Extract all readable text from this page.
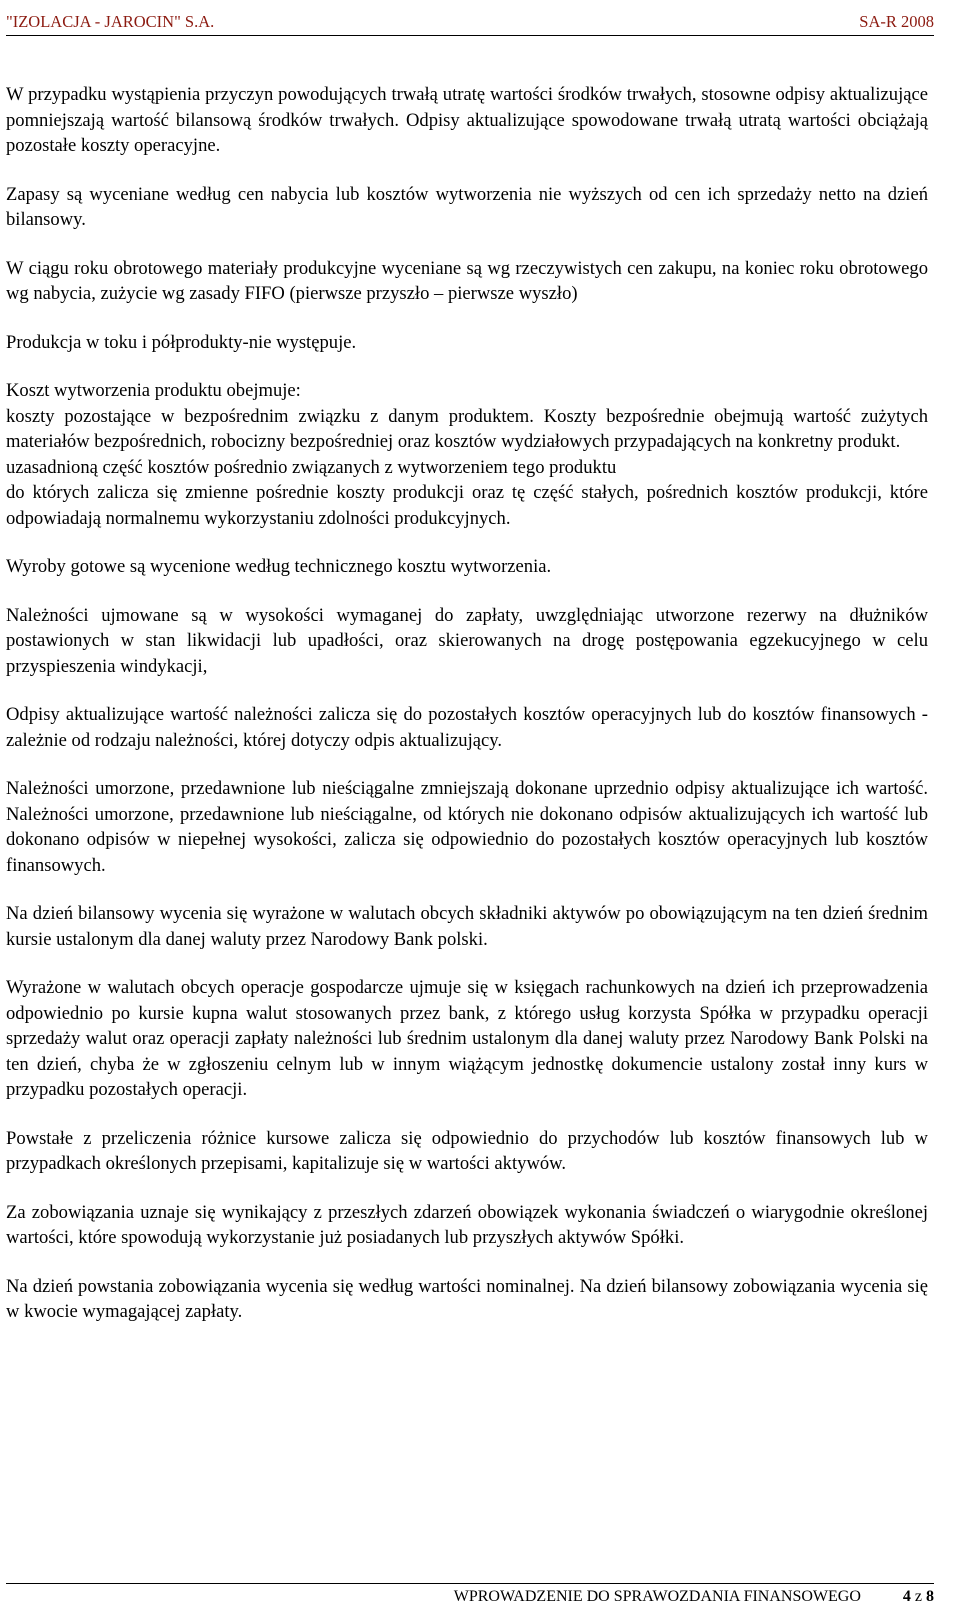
"IZOLACJA - JAROCIN" S.A.	SA-R 2008

W przypadku wystąpienia przyczyn powodujących trwałą utratę wartości środków trwałych, stosowne odpisy aktualizujące pomniejszają wartość bilansową środków trwałych. Odpisy aktualizujące spowodowane trwałą utratą wartości obciążają pozostałe koszty operacyjne.

Zapasy są wyceniane według cen nabycia lub kosztów wytworzenia nie wyższych od cen ich sprzedaży netto na dzień bilansowy.

W ciągu roku obrotowego materiały produkcyjne wyceniane są wg rzeczywistych cen zakupu, na koniec roku obrotowego wg nabycia, zużycie wg zasady FIFO (pierwsze przyszło – pierwsze wyszło)

Produkcja w toku i półprodukty-nie występuje.

Koszt wytworzenia produktu obejmuje:

koszty pozostające w bezpośrednim związku z danym produktem. Koszty bezpośrednie obejmują wartość zużytych materiałów bezpośrednich, robocizny bezpośredniej oraz kosztów wydziałowych przypadających na konkretny produkt.

uzasadnioną część kosztów pośrednio związanych z wytworzeniem tego produktu

do których zalicza się zmienne pośrednie koszty produkcji oraz tę część stałych, pośrednich kosztów produkcji, które odpowiadają normalnemu wykorzystaniu zdolności produkcyjnych.

Wyroby gotowe są wycenione według technicznego kosztu wytworzenia.

Należności ujmowane są w wysokości wymaganej do zapłaty, uwzględniając utworzone rezerwy na dłużników postawionych w stan likwidacji lub upadłości, oraz skierowanych na drogę postępowania egzekucyjnego w celu przyspieszenia windykacji,

Odpisy aktualizujące wartość należności zalicza się do pozostałych kosztów operacyjnych lub do kosztów finansowych - zależnie od rodzaju należności, której dotyczy odpis aktualizujący.

Należności umorzone, przedawnione lub nieściągalne zmniejszają dokonane uprzednio odpisy aktualizujące ich wartość. Należności umorzone, przedawnione lub nieściągalne, od których nie dokonano odpisów aktualizujących ich wartość lub dokonano odpisów w niepełnej wysokości, zalicza się odpowiednio do pozostałych kosztów operacyjnych lub kosztów finansowych.

Na dzień bilansowy wycenia się wyrażone w walutach obcych składniki aktywów po obowiązującym na ten dzień średnim kursie ustalonym dla danej waluty przez Narodowy Bank polski.

Wyrażone w walutach obcych operacje gospodarcze ujmuje się w księgach rachunkowych na dzień ich przeprowadzenia odpowiednio po kursie kupna walut stosowanych przez bank, z którego usług korzysta Spółka w przypadku operacji sprzedaży walut oraz operacji zapłaty należności lub średnim ustalonym dla danej waluty przez Narodowy Bank Polski na ten dzień, chyba że w zgłoszeniu celnym lub w innym wiążącym jednostkę dokumencie ustalony został inny kurs w przypadku pozostałych operacji.

Powstałe z przeliczenia różnice kursowe zalicza się odpowiednio do przychodów lub kosztów finansowych lub w przypadkach określonych przepisami, kapitalizuje się w wartości aktywów.

Za zobowiązania uznaje się wynikający z przeszłych zdarzeń obowiązek wykonania świadczeń o wiarygodnie określonej wartości, które spowodują wykorzystanie już posiadanych lub przyszłych aktywów Spółki.

Na dzień powstania zobowiązania wycenia się według wartości nominalnej. Na dzień bilansowy zobowiązania wycenia się w kwocie wymagającej zapłaty.

WPROWADZENIE DO SPRAWOZDANIA FINANSOWEGO	4 z 8
